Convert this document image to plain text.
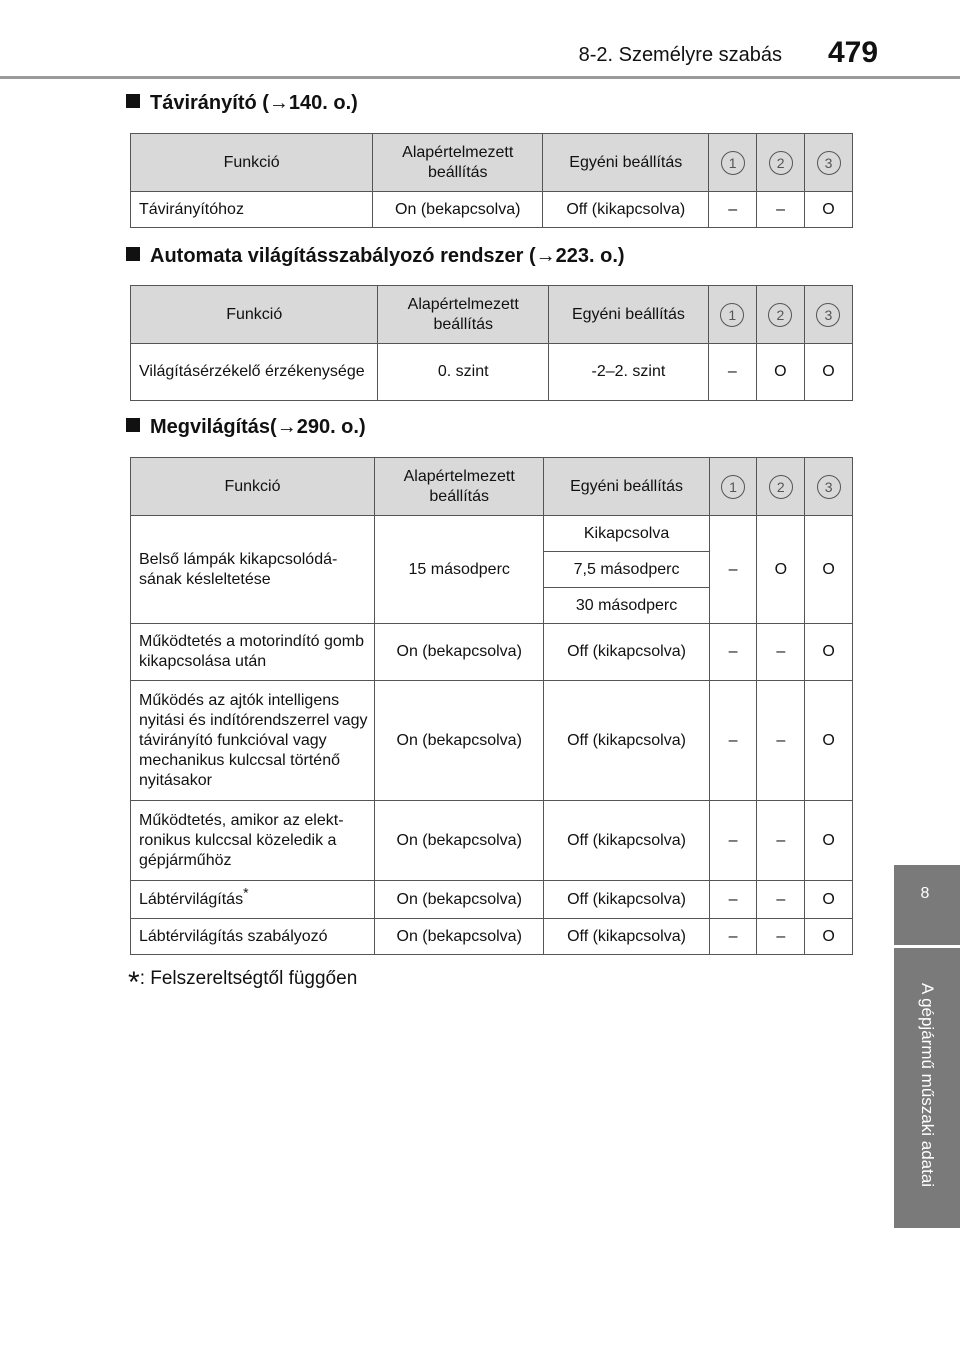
8-2. Személyre szabás 479
8
A gépjármű műszaki adatai
Távirányító (→140. o.)
Funkció	Alapértelmezett beállítás	Egyéni beállítás	1	2	3
Távirányítóhoz	On (bekapcsolva)	Off (kikapcsolva)	–	–	O
Automata világításszabályozó rendszer (→223. o.)
Funkció	Alapértelmezett beállítás	Egyéni beállítás	1	2	3
Világításérzékelő érzékenysége	0. szint	-2–2. szint	–	O	O
Megvilágítás(→290. o.)
Funkció	Alapértelmezett beállítás	Egyéni beállítás	1	2	3
Belső lámpák kikapcsolódá- sának késleltetése	15 másodperc	Kikapcsolva	–	O	O
		7,5 másodperc			
		30 másodperc			
Működtetés a motorindító gomb kikapcsolása után	On (bekapcsolva)	Off (kikapcsolva)	–	–	O
Működés az ajtók intelligens nyitási és indítórendszerrel vagy távirányító funkcióval vagy mechanikus kulccsal történő nyitásakor	On (bekapcsolva)	Off (kikapcsolva)	–	–	O
Működtetés, amikor az elekt- ronikus kulccsal közeledik a gépjárműhöz	On (bekapcsolva)	Off (kikapcsolva)	–	–	O
Lábtérvilágítás*	On (bekapcsolva)	Off (kikapcsolva)	–	–	O
Lábtérvilágítás szabályozó	On (bekapcsolva)	Off (kikapcsolva)	–	–	O
*: Felszereltségtől függően
